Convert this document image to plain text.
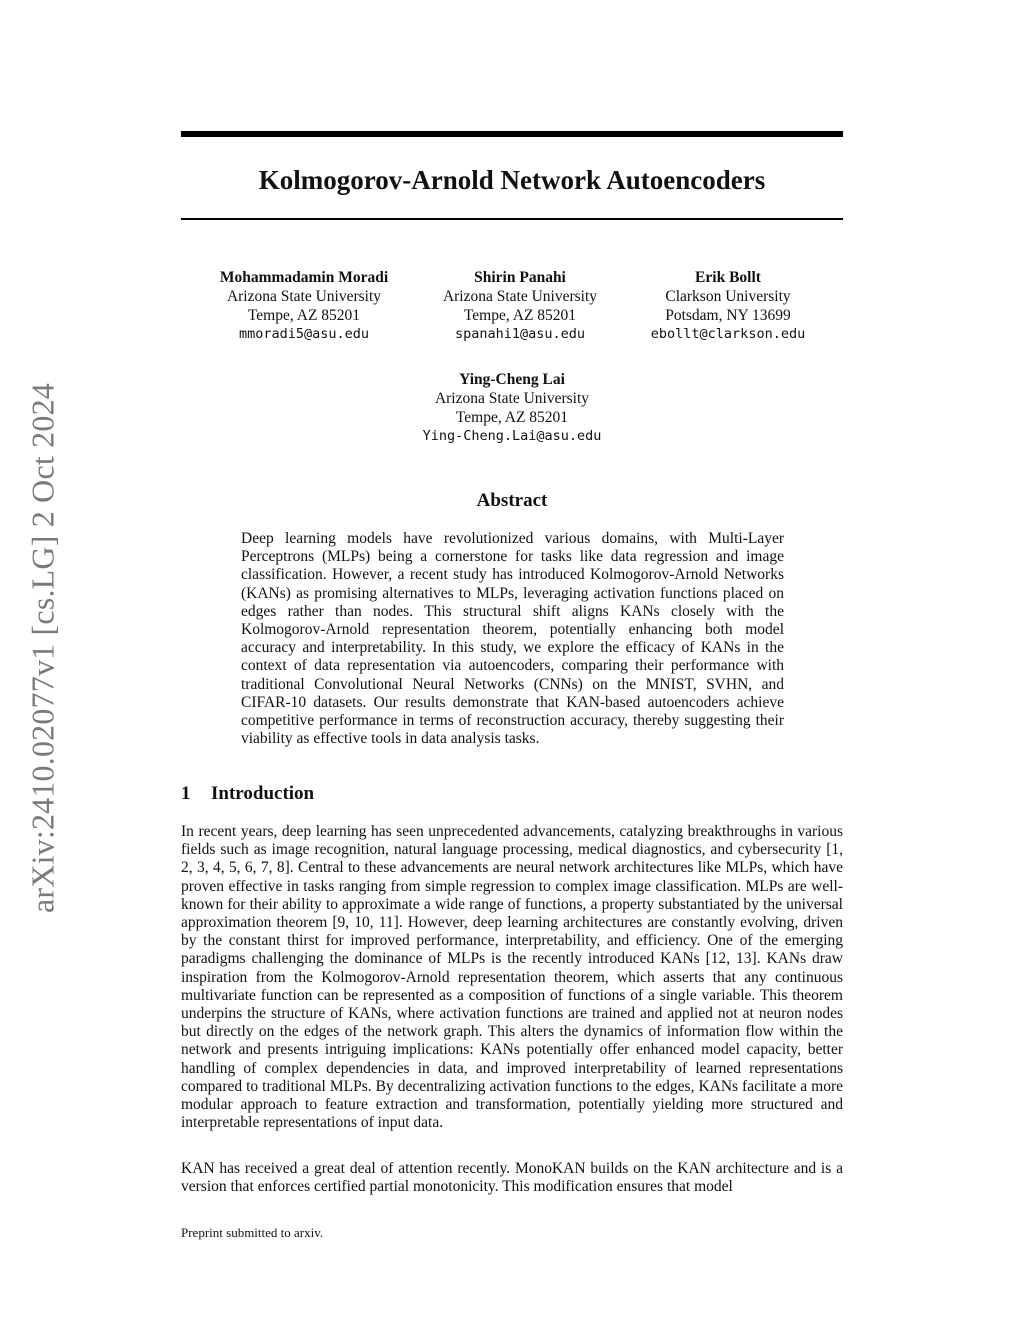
arXiv:2410.02077v1 [cs.LG] 2 Oct 2024
Kolmogorov-Arnold Network Autoencoders
Mohammadamin Moradi
Arizona State University
Tempe, AZ 85201
mmoradi5@asu.edu
Shirin Panahi
Arizona State University
Tempe, AZ 85201
spanahi1@asu.edu
Erik Bollt
Clarkson University
Potsdam, NY 13699
ebollt@clarkson.edu
Ying-Cheng Lai
Arizona State University
Tempe, AZ 85201
Ying-Cheng.Lai@asu.edu
Abstract

Deep learning models have revolutionized various domains, with Multi-Layer Perceptrons (MLPs) being a cornerstone for tasks like data regression and image classification. However, a recent study has introduced Kolmogorov-Arnold Networks (KANs) as promising alternatives to MLPs, leveraging activation functions placed on edges rather than nodes. This structural shift aligns KANs closely with the Kolmogorov-Arnold representation theorem, potentially enhancing both model accuracy and interpretability. In this study, we explore the efficacy of KANs in the context of data representation via autoencoders, comparing their performance with traditional Convolutional Neural Networks (CNNs) on the MNIST, SVHN, and CIFAR-10 datasets. Our results demonstrate that KAN-based autoencoders achieve competitive performance in terms of reconstruction accuracy, thereby suggesting their viability as effective tools in data analysis tasks.

1 Introduction

In recent years, deep learning has seen unprecedented advancements, catalyzing breakthroughs in various fields such as image recognition, natural language processing, medical diagnostics, and cybersecurity [1, 2, 3, 4, 5, 6, 7, 8]. Central to these advancements are neural network architectures like MLPs, which have proven effective in tasks ranging from simple regression to complex image classification. MLPs are well-known for their ability to approximate a wide range of functions, a property substantiated by the universal approximation theorem [9, 10, 11]. However, deep learning architectures are constantly evolving, driven by the constant thirst for improved performance, interpretability, and efficiency. One of the emerging paradigms challenging the dominance of MLPs is the recently introduced KANs [12, 13]. KANs draw inspiration from the Kolmogorov-Arnold representation theorem, which asserts that any continuous multivariate function can be represented as a composition of functions of a single variable. This theorem underpins the structure of KANs, where activation functions are trained and applied not at neuron nodes but directly on the edges of the network graph. This alters the dynamics of information flow within the network and presents intriguing implications: KANs potentially offer enhanced model capacity, better handling of complex dependencies in data, and improved interpretability of learned representations compared to traditional MLPs. By decentralizing activation functions to the edges, KANs facilitate a more modular approach to feature extraction and transformation, potentially yielding more structured and interpretable representations of input data.

KAN has received a great deal of attention recently. MonoKAN builds on the KAN architecture and is a version that enforces certified partial monotonicity. This modification ensures that model

Preprint submitted to arxiv.
